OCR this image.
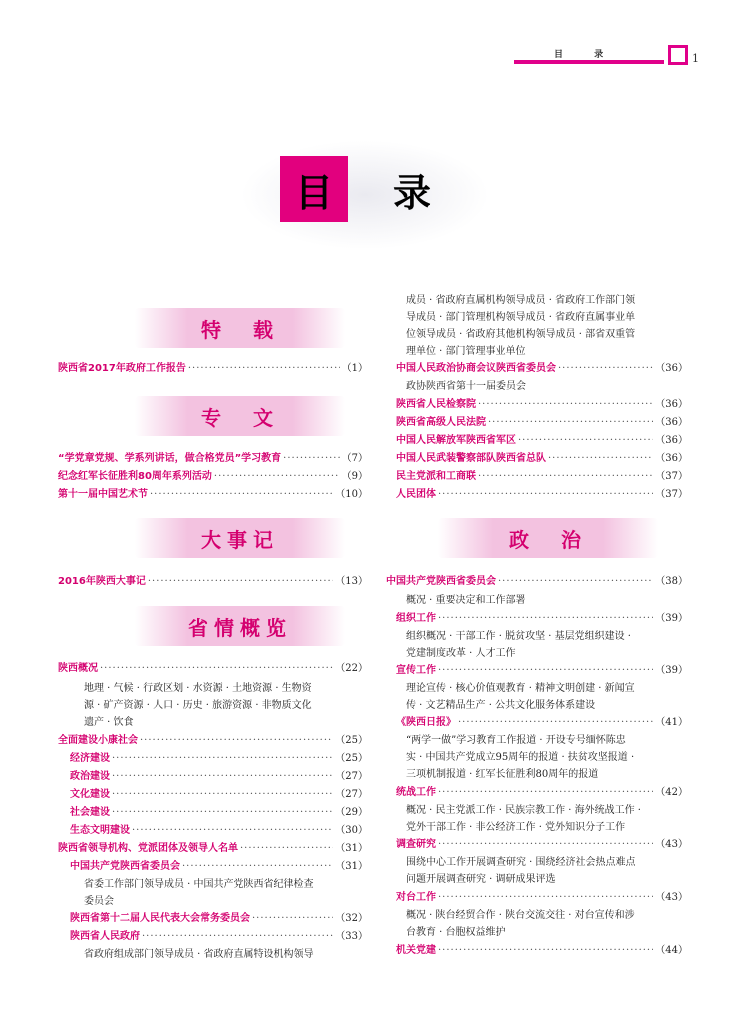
目 录	1
目	录
特　载
陕西省2017年政府工作报告 ·····	（1）
专　文
“学党章党规、学系列讲话，做合格党员”学习教育 ·····	（7）
纪念红军长征胜利80周年系列活动 ·····	（9）
第十一届中国艺术节 ·····	（10）
大事记
2016年陕西大事记 ·····	（13）
省情概览
陕西概况 ·····	（22）
地理 · 气候 · 行政区划 · 水资源 · 土地资源 · 生物资
源 · 矿产资源 · 人口 · 历史 · 旅游资源 · 非物质文化
遗产 · 饮食
全面建设小康社会 ·····	（25）
经济建设 ·····	（25）
政治建设 ·····	（27）
文化建设 ·····	（27）
社会建设 ·····	（29）
生态文明建设 ·····	（30）
陕西省领导机构、党派团体及领导人名单 ·····	（31）
中国共产党陕西省委员会 ·····	（31）
省委工作部门领导成员 · 中国共产党陕西省纪律检查
委员会
陕西省第十二届人民代表大会常务委员会 ·····	（32）
陕西省人民政府 ·····	（33）
省政府组成部门领导成员 · 省政府直属特设机构领导
成员 · 省政府直属机构领导成员 · 省政府工作部门领
导成员 · 部门管理机构领导成员 · 省政府直属事业单
位领导成员 · 省政府其他机构领导成员 · 部省双重管
理单位 · 部门管理事业单位
中国人民政治协商会议陕西省委员会 ·····	（36）
政协陕西省第十一届委员会
陕西省人民检察院 ·····	（36）
陕西省高级人民法院 ·····	（36）
中国人民解放军陕西省军区 ·····	（36）
中国人民武装警察部队陕西省总队 ·····	（36）
民主党派和工商联 ·····	（37）
人民团体 ·····	（37）
政　治
中国共产党陕西省委员会 ·····	（38）
概况 · 重要决定和工作部署
组织工作 ·····	（39）
组织概况 · 干部工作 · 脱贫攻坚 · 基层党组织建设 ·
党建制度改革 · 人才工作
宣传工作 ·····	（39）
理论宣传 · 核心价值观教育 · 精神文明创建 · 新闻宣
传 · 文艺精品生产 · 公共文化服务体系建设
《陕西日报》 ·····	（41）
“两学一做”学习教育工作报道 · 开设专号缅怀陈忠
实 · 中国共产党成立95周年的报道 · 扶贫攻坚报道 ·
三项机制报道 · 红军长征胜利80周年的报道
统战工作 ·····	（42）
概况 · 民主党派工作 · 民族宗教工作 · 海外统战工作 ·
党外干部工作 · 非公经济工作 · 党外知识分子工作
调查研究 ·····	（43）
围绕中心工作开展调查研究 · 围绕经济社会热点难点
问题开展调查研究 · 调研成果评选
对台工作 ·····	（43）
概况 · 陕台经贸合作 · 陕台交流交往 · 对台宣传和涉
台教育 · 台胞权益维护
机关党建 ·····	（44）
